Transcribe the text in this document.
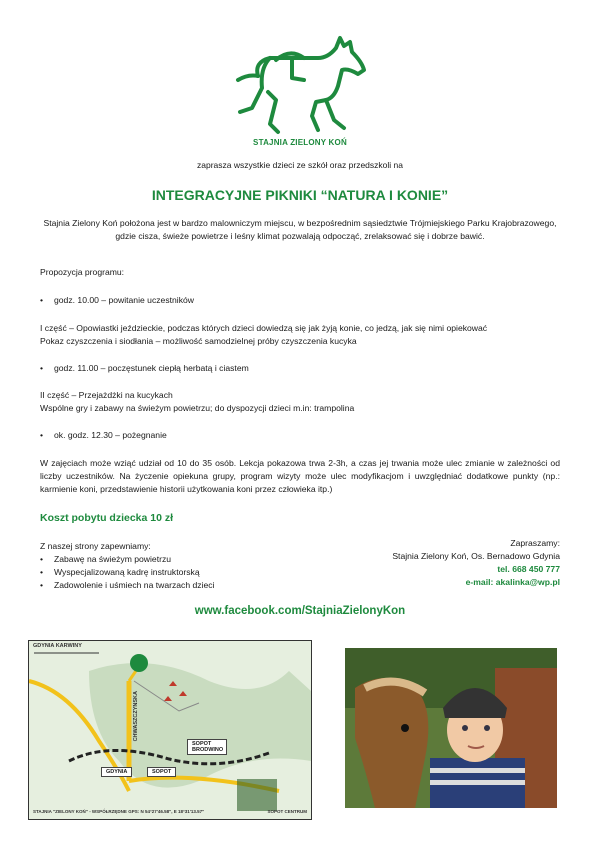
STAJNIA ZIELONY KOŃ
zaprasza wszystkie dzieci ze szkół oraz przedszkoli na
INTEGRACYJNE PIKNIKI “NATURA I KONIE”
Stajnia Zielony Koń położona jest w bardzo malowniczym miejscu, w bezpośrednim sąsiedztwie Trójmiejskiego Parku Krajobrazowego, gdzie cisza, świeże powietrze i leśny klimat pozwalają odpocząć, zrelaksować się i dobrze bawić.
Propozycja programu:
• godz. 10.00 – powitanie uczestników
I część – Opowiastki jeździeckie, podczas których dzieci dowiedzą się jak żyją konie, co jedzą, jak się nimi opiekować
Pokaz czyszczenia i siodłania – możliwość samodzielnej próby czyszczenia kucyka
• godz. 11.00 – poczęstunek ciepłą herbatą i ciastem
II część – Przejażdżki na kucykach
Wspólne gry i zabawy na świeżym powietrzu; do dyspozycji dzieci m.in: trampolina
• ok. godz. 12.30 – pożegnanie
W zajęciach może wziąć udział od 10 do 35 osób. Lekcja pokazowa trwa 2-3h, a czas jej trwania może ulec zmianie w zależności od liczby uczestników. Na życzenie opiekuna grupy, program wizyty może ulec modyfikacjom i uwzględniać dodatkowe punkty (np.: karmienie koni, przedstawienie historii użytkowania koni przez człowieka itp.)
Koszt pobytu dziecka 10 zł
Z naszej strony zapewniamy:
• Zabawę na świeżym powietrzu
• Wyspecjalizowaną kadrę instruktorską
• Zadowolenie i uśmiech na twarzach dzieci
Zapraszamy:
Stajnia Zielony Koń, Os. Bernadowo Gdynia
tel. 668 450 777
e-mail: akalinka@wp.pl
www.facebook.com/StajniaZielonyKon
GDYNIA KARWINY
GDYNIA	SOPOT
SOPOT BRODWINO
CHWASZCZYNSKA
STAJNIA "ZIELONY KOŃ" - WSPÓŁRZĘDNE GPS: N 54°27'46.58", E 18°31'13.57"	SOPOT CENTRUM
